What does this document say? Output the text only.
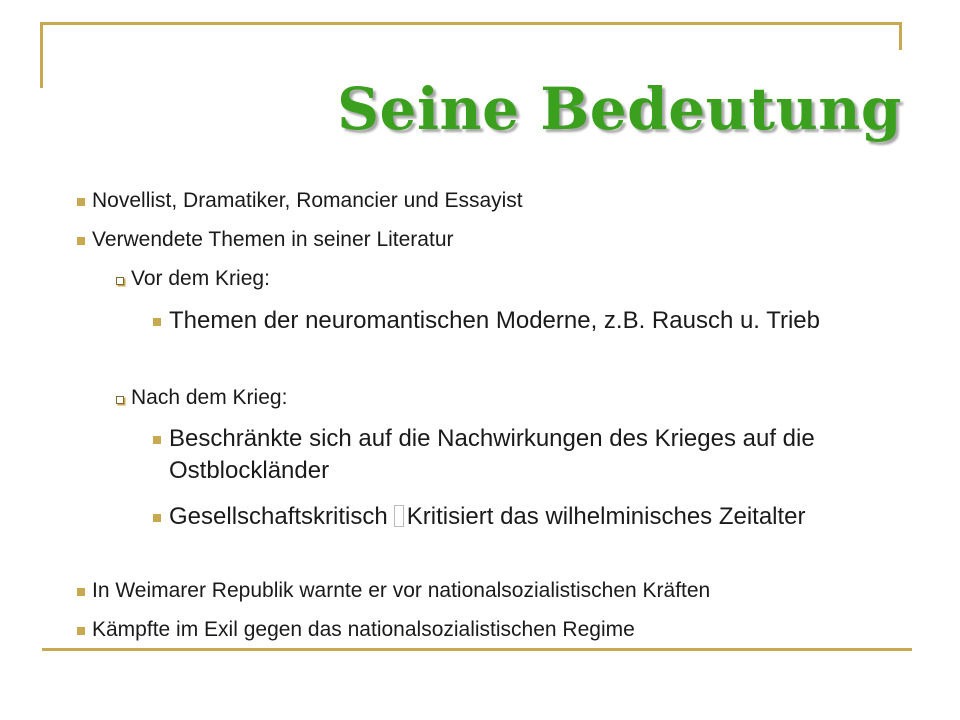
Seine Bedeutung
Novellist, Dramatiker, Romancier und Essayist
Verwendete Themen in seiner Literatur
Vor dem Krieg:
Themen der neuromantischen Moderne, z.B. Rausch u. Trieb
Nach dem Krieg:
Beschränkte sich auf die Nachwirkungen des Krieges auf die Ostblockländer
Gesellschaftskritisch Kritisiert das wilhelminisches Zeitalter
In Weimarer Republik warnte er vor nationalsozialistischen Kräften
Kämpfte im Exil gegen das nationalsozialistischen Regime
